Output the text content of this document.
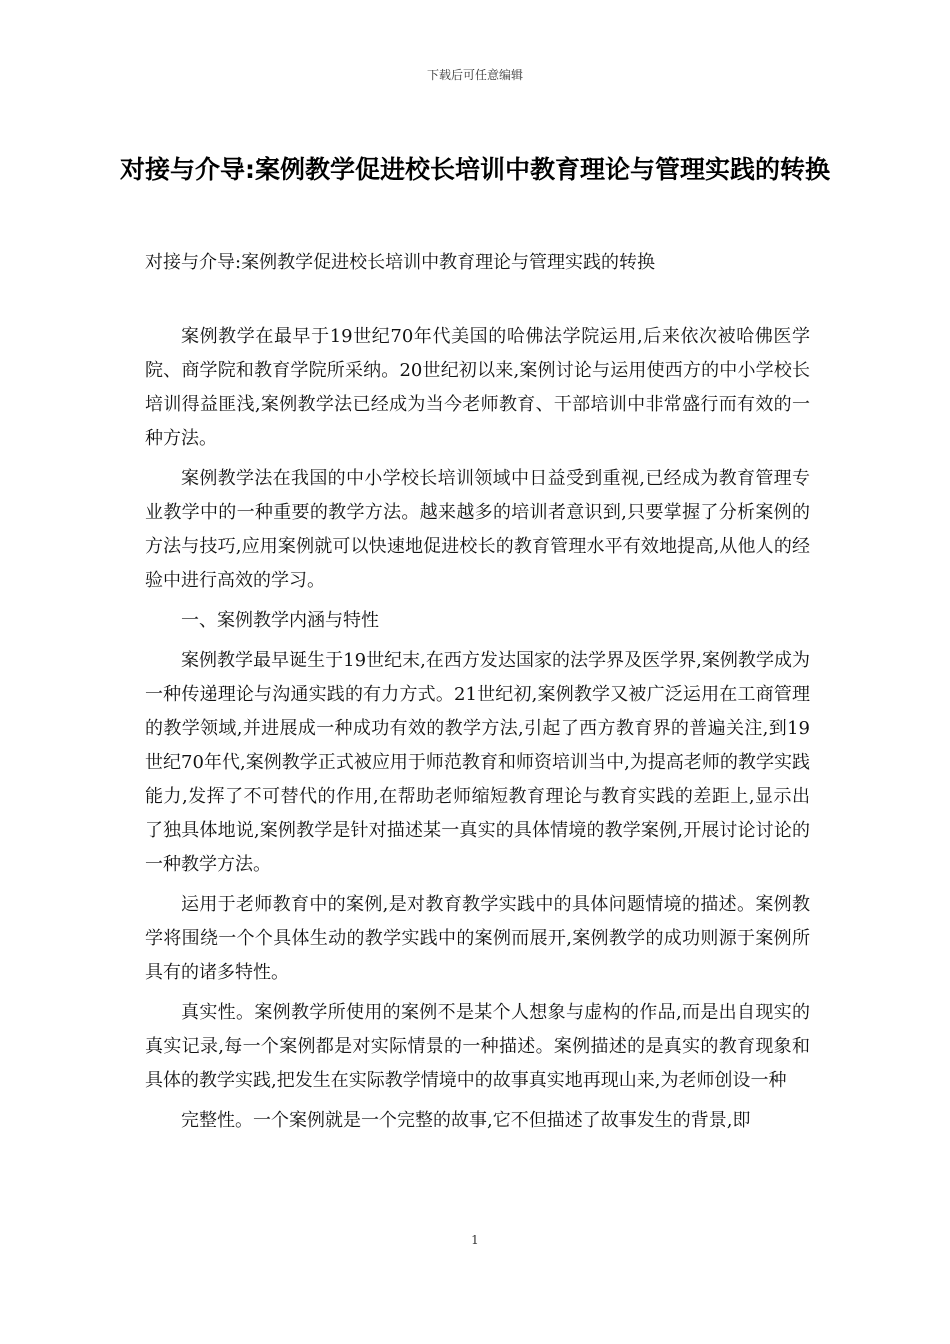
下载后可任意编辑
对接与介导:案例教学促进校长培训中教育理论与管理实践的转换
对接与介导:案例教学促进校长培训中教育理论与管理实践的转换

案例教学在最早于19世纪70年代美国的哈佛法学院运用,后来依次被哈佛医学院、商学院和教育学院所采纳。20世纪初以来,案例讨论与运用使西方的中小学校长培训得益匪浅,案例教学法已经成为当今老师教育、干部培训中非常盛行而有效的一种方法。

案例教学法在我国的中小学校长培训领域中日益受到重视,已经成为教育管理专业教学中的一种重要的教学方法。越来越多的培训者意识到,只要掌握了分析案例的方法与技巧,应用案例就可以快速地促进校长的教育管理水平有效地提高,从他人的经验中进行高效的学习。

一、案例教学内涵与特性

案例教学最早诞生于19世纪末,在西方发达国家的法学界及医学界,案例教学成为一种传递理论与沟通实践的有力方式。21世纪初,案例教学又被广泛运用在工商管理的教学领域,并进展成一种成功有效的教学方法,引起了西方教育界的普遍关注,到19世纪70年代,案例教学正式被应用于师范教育和师资培训当中,为提高老师的教学实践能力,发挥了不可替代的作用,在帮助老师缩短教育理论与教育实践的差距上,显示出了独具体地说,案例教学是针对描述某一真实的具体情境的教学案例,开展讨论讨论的一种教学方法。

运用于老师教育中的案例,是对教育教学实践中的具体问题情境的描述。案例教学将围绕一个个具体生动的教学实践中的案例而展开,案例教学的成功则源于案例所具有的诸多特性。

真实性。案例教学所使用的案例不是某个人想象与虚构的作品,而是出自现实的真实记录,每一个案例都是对实际情景的一种描述。案例描述的是真实的教育现象和具体的教学实践,把发生在实际教学情境中的故事真实地再现山来,为老师创设一种

完整性。一个案例就是一个完整的故事,它不但描述了故事发生的背景,即

1
